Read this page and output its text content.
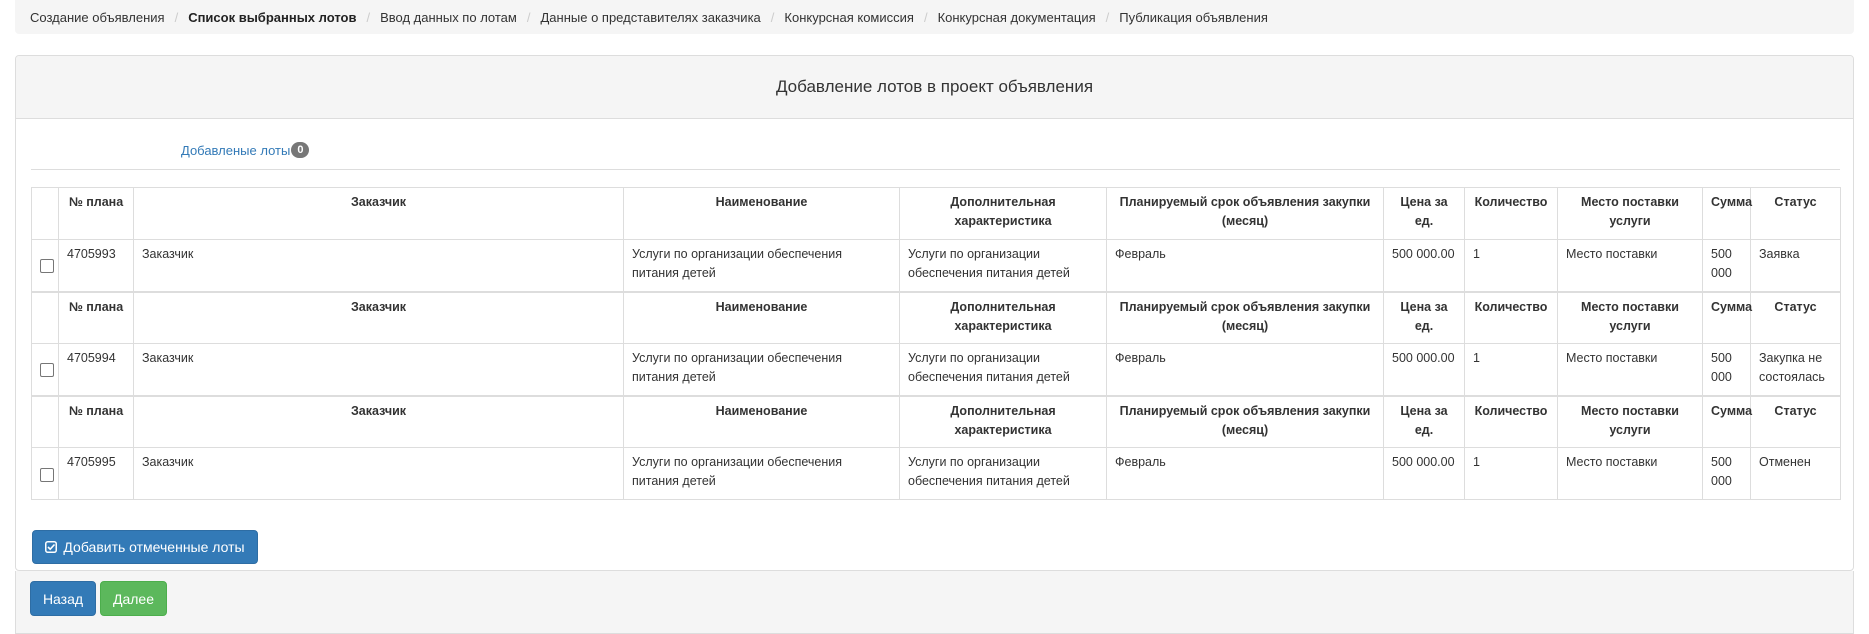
Создание объявления / Список выбранных лотов / Ввод данных по лотам / Данные о представителях заказчика / Конкурсная комиссия / Конкурсная документация / Публикация объявления
Добавление лотов в проект объявления
Добавленые лоты 0
	№ плана	Заказчик	Наименование	Дополнительная характеристика	Планируемый срок объявления закупки (месяц)	Цена за ед.	Количество	Место поставки услуги	Сумма	Статус
	4705993	Заказчик	Услуги по организации обеспечения питания детей	Услуги по организации обеспечения питания детей	Февраль	500 000.00	1	Место поставки	500 000	Заявка
	№ плана	Заказчик	Наименование	Дополнительная характеристика	Планируемый срок объявления закупки (месяц)	Цена за ед.	Количество	Место поставки услуги	Сумма	Статус
	4705994	Заказчик	Услуги по организации обеспечения питания детей	Услуги по организации обеспечения питания детей	Февраль	500 000.00	1	Место поставки	500 000	Закупка не состоялась
	№ плана	Заказчик	Наименование	Дополнительная характеристика	Планируемый срок объявления закупки (месяц)	Цена за ед.	Количество	Место поставки услуги	Сумма	Статус
	4705995	Заказчик	Услуги по организации обеспечения питания детей	Услуги по организации обеспечения питания детей	Февраль	500 000.00	1	Место поставки	500 000	Отменен
Добавить отмеченные лоты
Назад	Далее
